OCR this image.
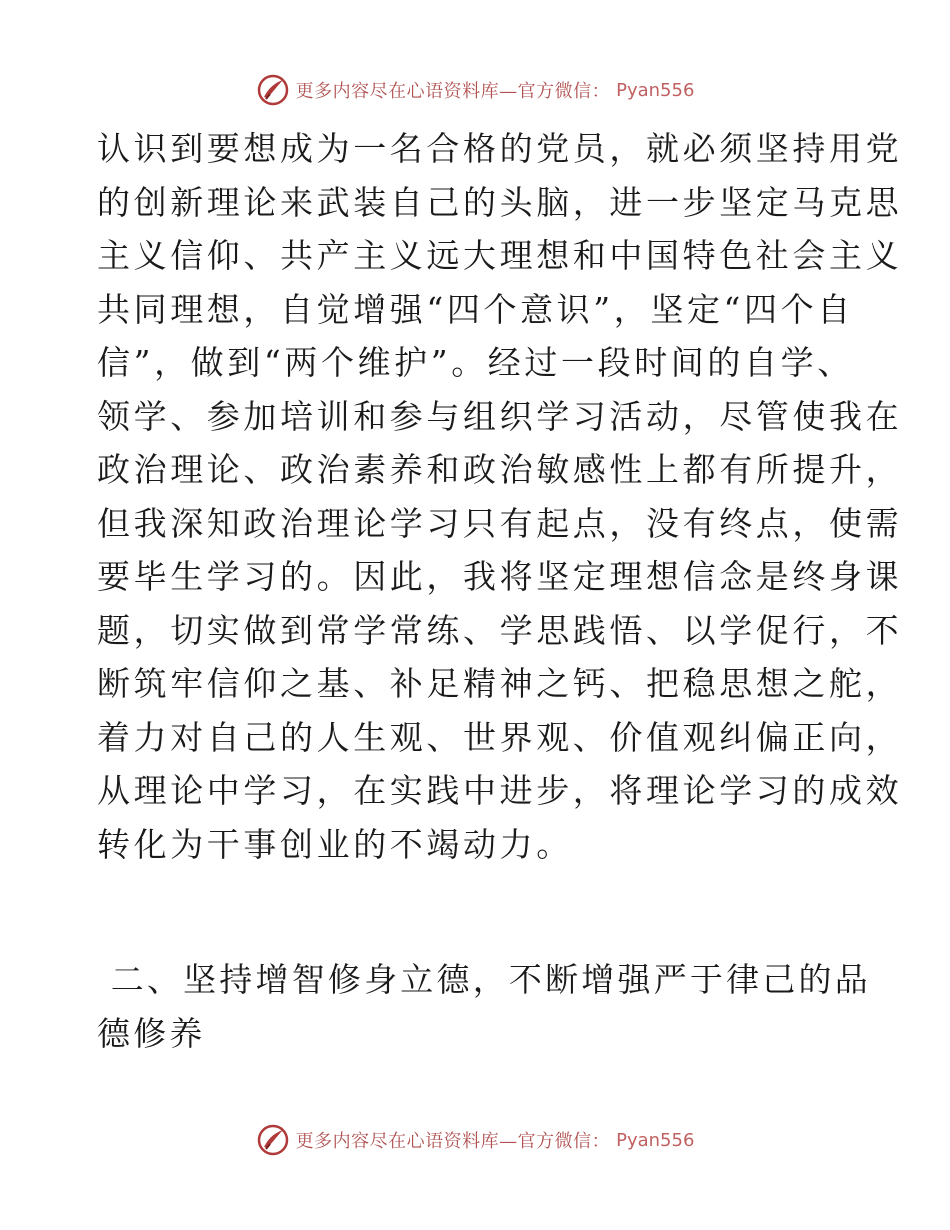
更多内容尽在心语资料库—官方微信： Pyan556

认识到要想成为一名合格的党员，就必须坚持用党

的创新理论来武装自己的头脑，进一步坚定马克思

主义信仰、共产主义远大理想和中国特色社会主义

共同理想，自觉增强“四个意识”，坚定“四个自

信”，做到“两个维护”。经过一段时间的自学、

领学、参加培训和参与组织学习活动，尽管使我在

政治理论、政治素养和政治敏感性上都有所提升，

但我深知政治理论学习只有起点，没有终点，使需

要毕生学习的。因此，我将坚定理想信念是终身课

题，切实做到常学常练、学思践悟、以学促行，不

断筑牢信仰之基、补足精神之钙、把稳思想之舵，

着力对自己的人生观、世界观、价值观纠偏正向，

从理论中学习，在实践中进步，将理论学习的成效

转化为干事创业的不竭动力。

二、坚持增智修身立德，不断增强严于律己的品

德修养

更多内容尽在心语资料库—官方微信： Pyan556
